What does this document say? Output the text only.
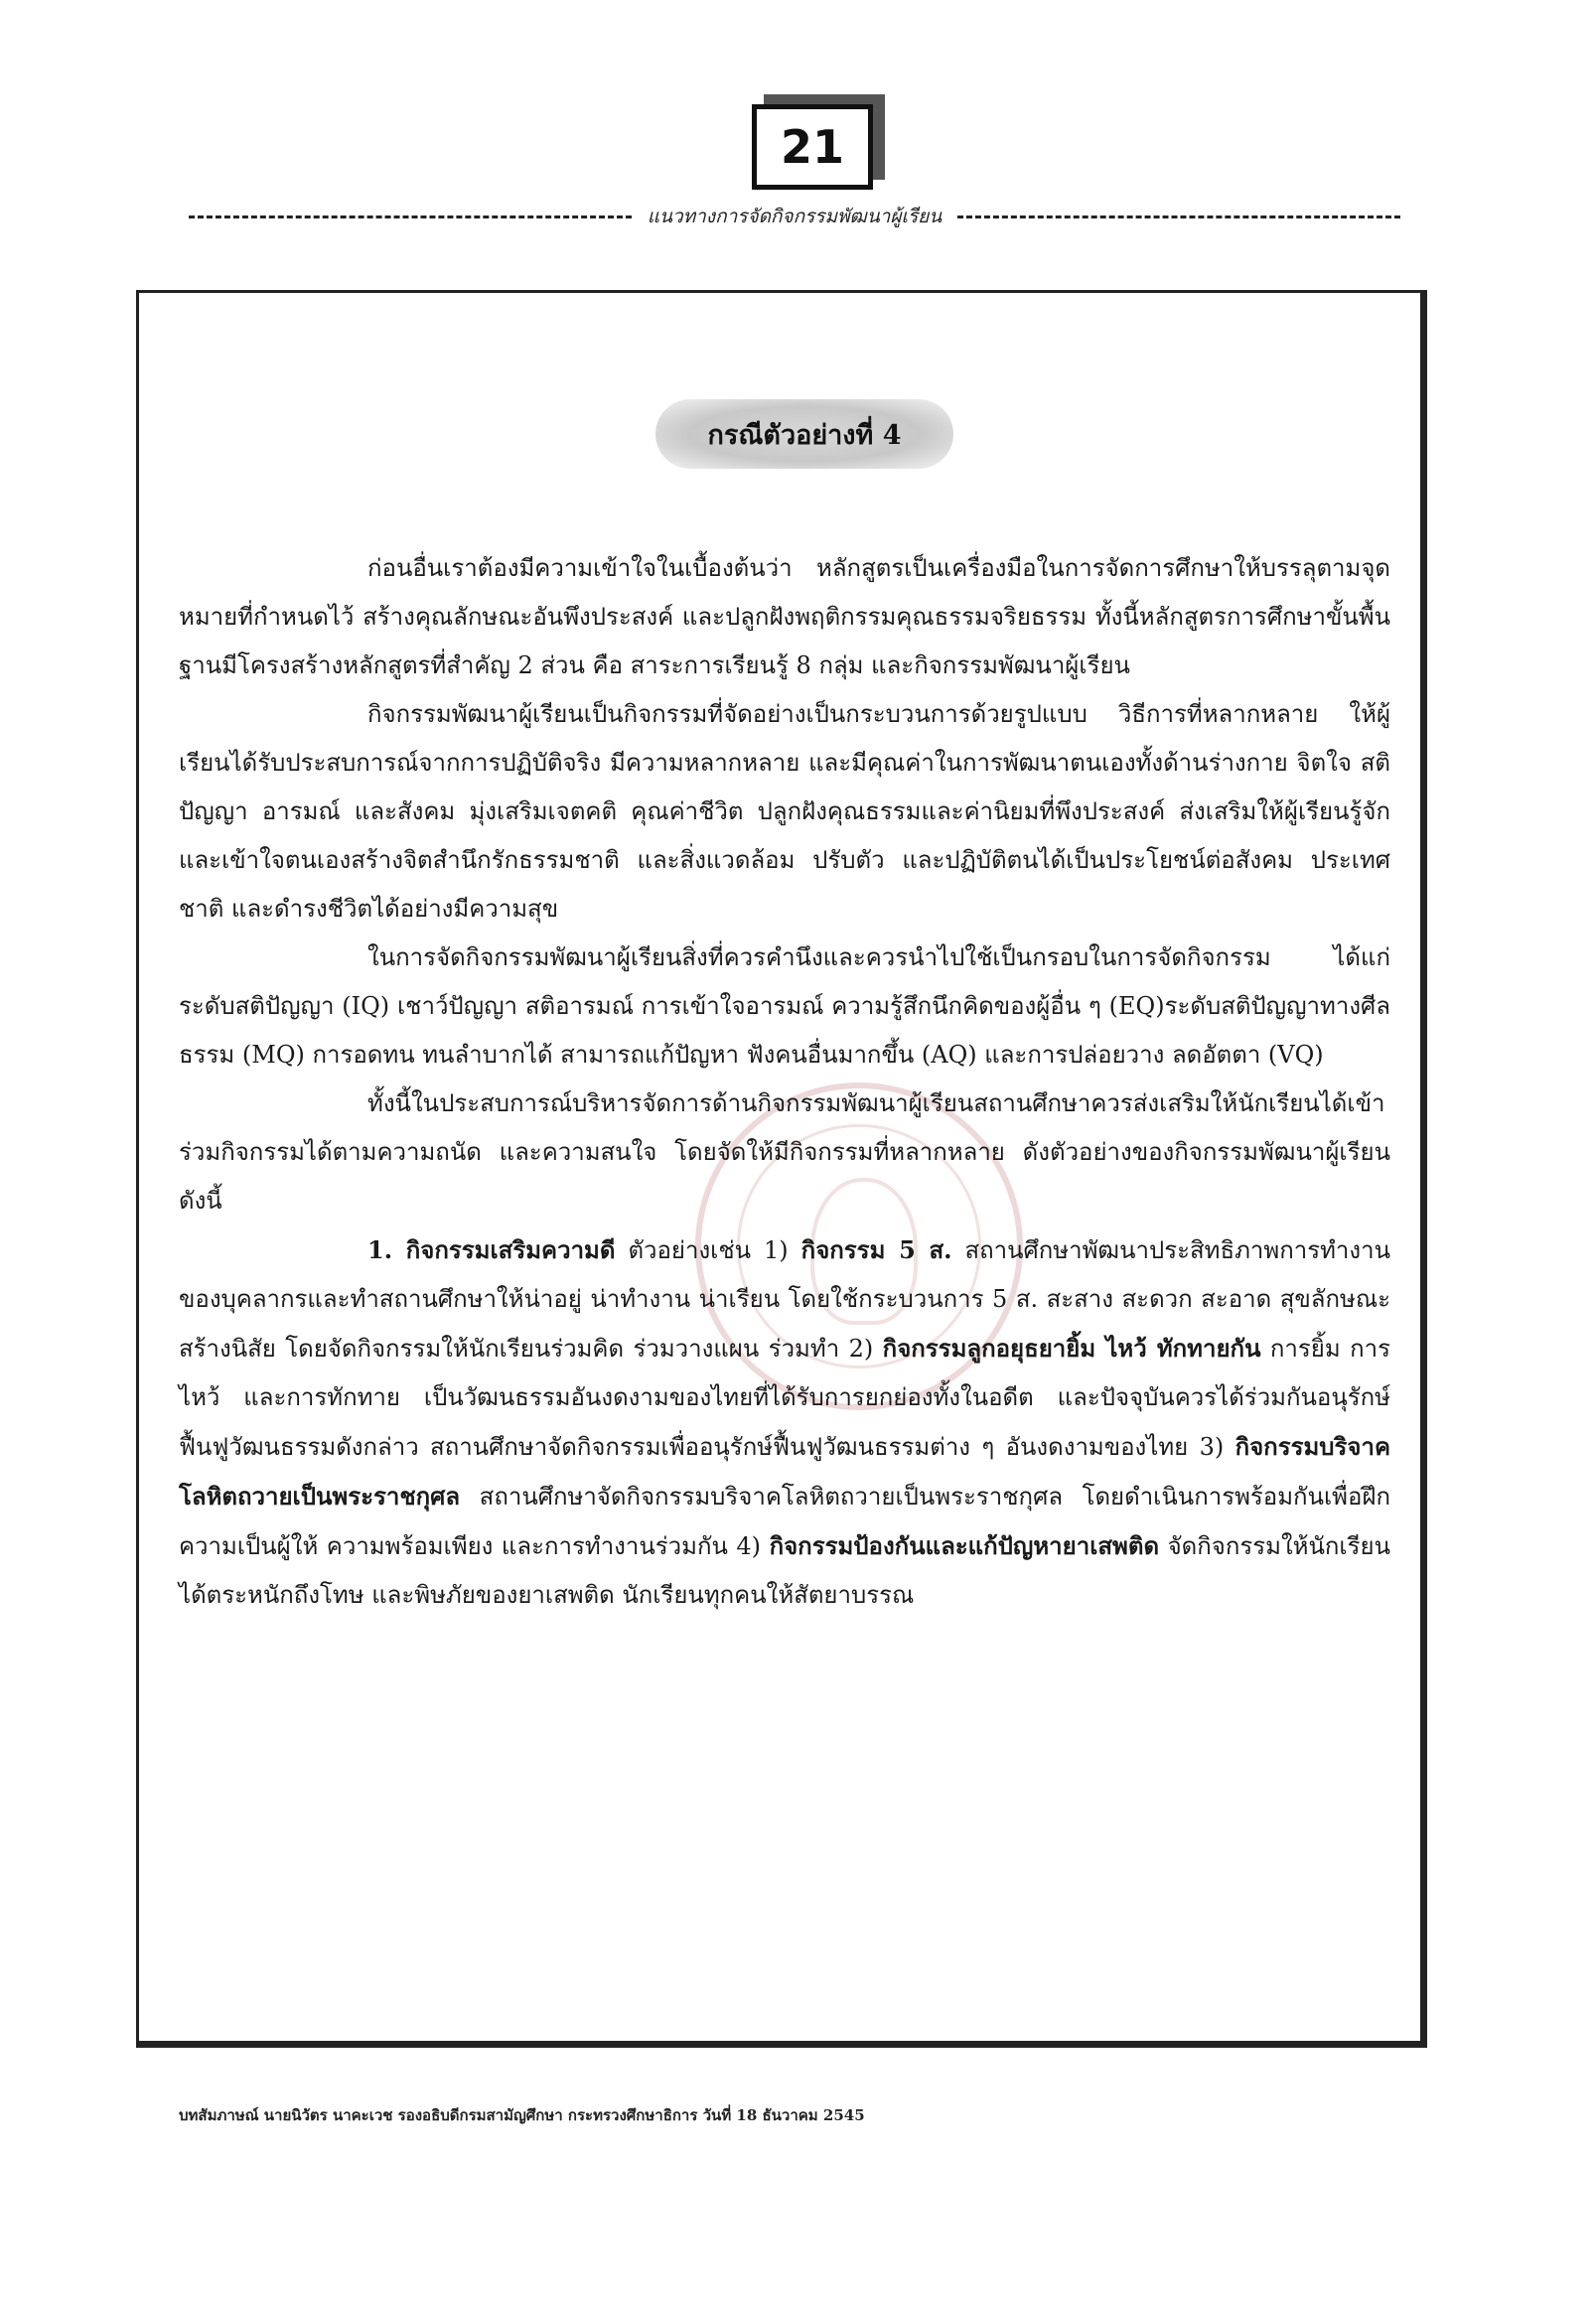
21
แนวทางการจัดกิจกรรมพัฒนาผู้เรียน
กรณีตัวอย่างที่ 4

ก่อนอื่นเราต้องมีความเข้าใจในเบื้องต้นว่า หลักสูตรเป็นเครื่องมือในการจัดการศึกษาให้บรรลุตามจุดหมายที่กำหนดไว้ สร้างคุณลักษณะอันพึงประสงค์ และปลูกฝังพฤติกรรมคุณธรรมจริยธรรม ทั้งนี้หลักสูตรการศึกษาขั้นพื้นฐานมีโครงสร้างหลักสูตรที่สำคัญ 2 ส่วน คือ สาระการเรียนรู้ 8 กลุ่ม และกิจกรรมพัฒนาผู้เรียน

กิจกรรมพัฒนาผู้เรียนเป็นกิจกรรมที่จัดอย่างเป็นกระบวนการด้วยรูปแบบ วิธีการที่หลากหลาย ให้ผู้เรียนได้รับประสบการณ์จากการปฏิบัติจริง มีความหลากหลาย และมีคุณค่าในการพัฒนาตนเองทั้งด้านร่างกาย จิตใจ สติปัญญา อารมณ์ และสังคม มุ่งเสริมเจตคติ คุณค่าชีวิต ปลูกฝังคุณธรรมและค่านิยมที่พึงประสงค์ ส่งเสริมให้ผู้เรียนรู้จักและเข้าใจตนเองสร้างจิตสำนึกรักธรรมชาติ และสิ่งแวดล้อม ปรับตัว และปฏิบัติตนได้เป็นประโยชน์ต่อสังคม ประเทศชาติ และดำรงชีวิตได้อย่างมีความสุข

ในการจัดกิจกรรมพัฒนาผู้เรียนสิ่งที่ควรคำนึงและควรนำไปใช้เป็นกรอบในการจัดกิจกรรม ได้แก่ ระดับสติปัญญา (IQ) เชาว์ปัญญา สติอารมณ์ การเข้าใจอารมณ์ ความรู้สึกนึกคิดของผู้อื่น ๆ (EQ)ระดับสติปัญญาทางศีลธรรม (MQ) การอดทน ทนลำบากได้ สามารถแก้ปัญหา ฟังคนอื่นมากขึ้น (AQ) และการปล่อยวาง ลดอัตตา (VQ)

ทั้งนี้ในประสบการณ์บริหารจัดการด้านกิจกรรมพัฒนาผู้เรียนสถานศึกษาควรส่งเสริมให้นักเรียนได้เข้าร่วมกิจกรรมได้ตามความถนัด และความสนใจ โดยจัดให้มีกิจกรรมที่หลากหลาย ดังตัวอย่างของกิจกรรมพัฒนาผู้เรียน ดังนี้

1. กิจกรรมเสริมความดี ตัวอย่างเช่น 1) กิจกรรม 5 ส. สถานศึกษาพัฒนาประสิทธิภาพการทำงานของบุคลากรและทำสถานศึกษาให้น่าอยู่ น่าทำงาน น่าเรียน โดยใช้กระบวนการ 5 ส. สะสาง สะดวก สะอาด สุขลักษณะ สร้างนิสัย โดยจัดกิจกรรมให้นักเรียนร่วมคิด ร่วมวางแผน ร่วมทำ 2) กิจกรรมลูกอยุธยายิ้ม ไหว้ ทักทายกัน การยิ้ม การไหว้ และการทักทาย เป็นวัฒนธรรมอันงดงามของไทยที่ได้รับการยกย่องทั้งในอดีต และปัจจุบันควรได้ร่วมกันอนุรักษ์ ฟื้นฟูวัฒนธรรมดังกล่าว สถานศึกษาจัดกิจกรรมเพื่ออนุรักษ์ฟื้นฟูวัฒนธรรมต่าง ๆ อันงดงามของไทย 3) กิจกรรมบริจาคโลหิตถวายเป็นพระราชกุศล สถานศึกษาจัดกิจกรรมบริจาคโลหิตถวายเป็นพระราชกุศล โดยดำเนินการพร้อมกันเพื่อฝึกความเป็นผู้ให้ ความพร้อมเพียง และการทำงานร่วมกัน 4) กิจกรรมป้องกันและแก้ปัญหายาเสพติด จัดกิจกรรมให้นักเรียนได้ตระหนักถึงโทษ และพิษภัยของยาเสพติด นักเรียนทุกคนให้สัตยาบรรณ

บทสัมภาษณ์ นายนิวัตร นาคะเวช รองอธิบดีกรมสามัญศึกษา กระทรวงศึกษาธิการ วันที่ 18 ธันวาคม 2545
